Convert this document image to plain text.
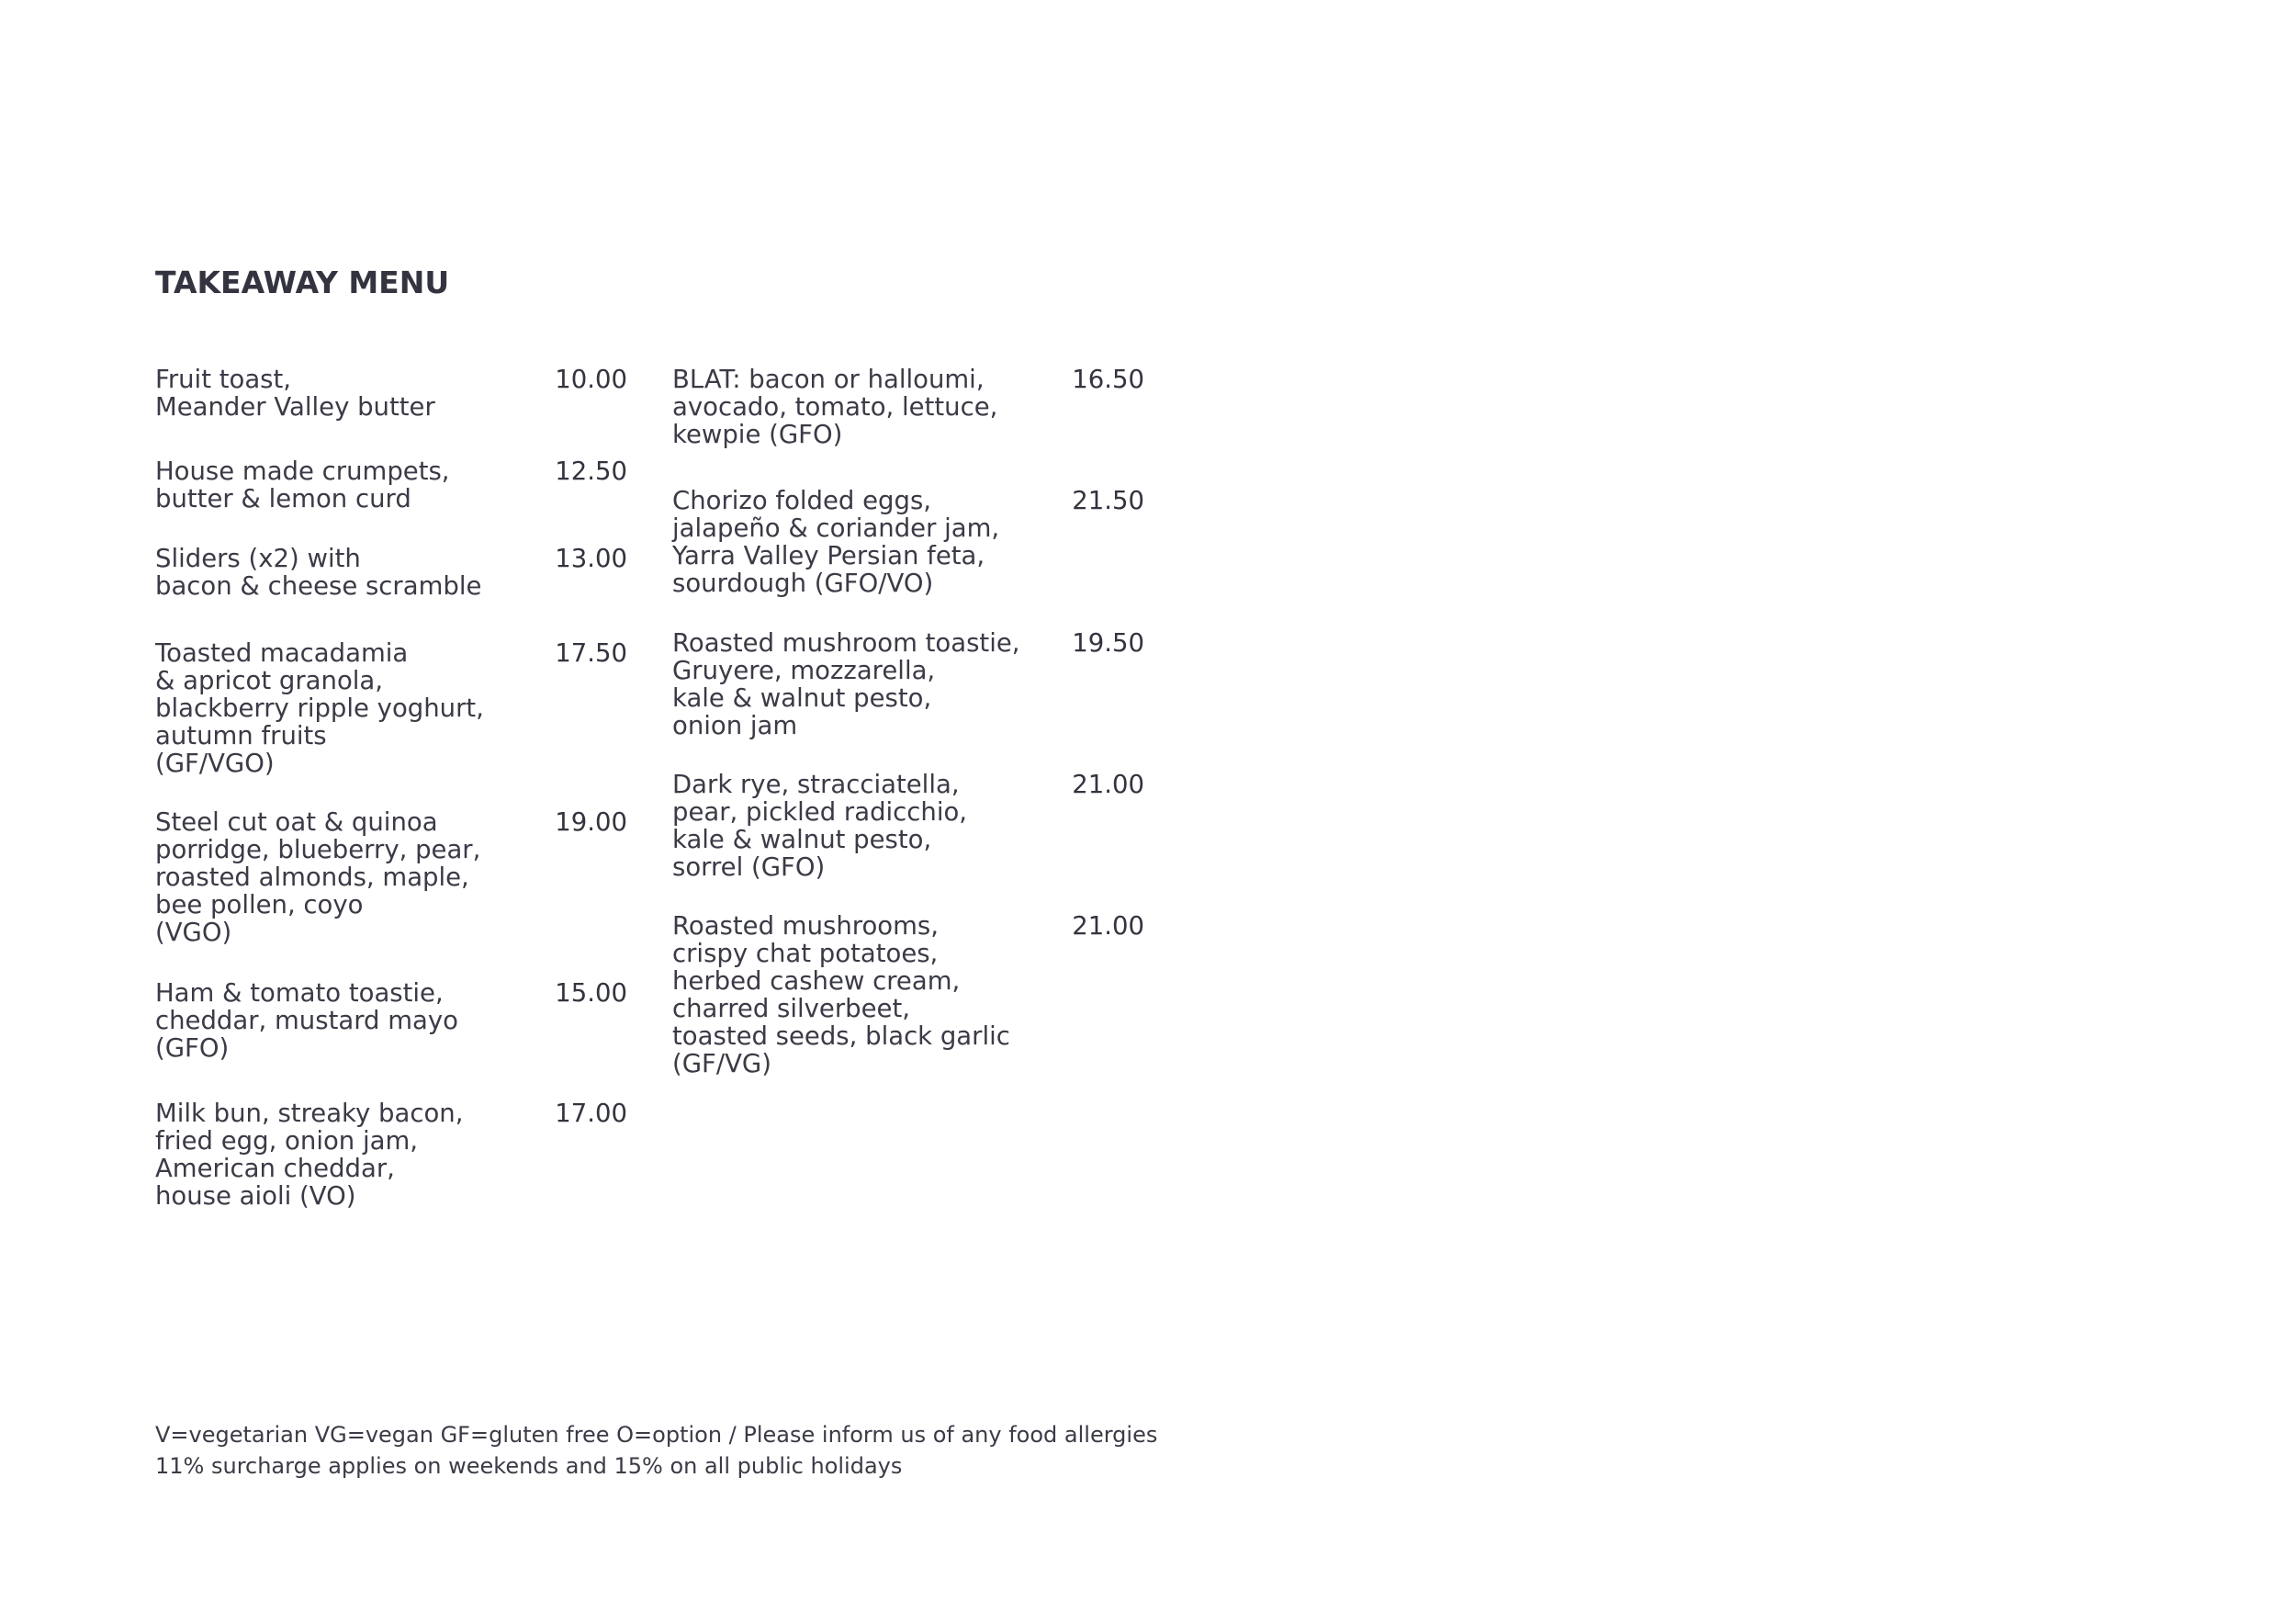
TAKEAWAY MENU
Fruit toast,
Meander Valley butter
10.00
House made crumpets,
butter & lemon curd
12.50
Sliders (x2) with
bacon & cheese scramble
13.00
Toasted macadamia
& apricot granola,
blackberry ripple yoghurt,
autumn fruits
(GF/VGO)
17.50
Steel cut oat & quinoa
porridge, blueberry, pear,
roasted almonds, maple,
bee pollen, coyo
(VGO)
19.00
Ham & tomato toastie,
cheddar, mustard mayo
(GFO)
15.00
Milk bun, streaky bacon,
fried egg, onion jam,
American cheddar,
house aioli (VO)
17.00
BLAT: bacon or halloumi,
avocado, tomato, lettuce,
kewpie (GFO)
16.50
Chorizo folded eggs,
jalapeño & coriander jam,
Yarra Valley Persian feta,
sourdough (GFO/VO)
21.50
Roasted mushroom toastie,
Gruyere, mozzarella,
kale & walnut pesto,
onion jam
19.50
Dark rye, stracciatella,
pear, pickled radicchio,
kale & walnut pesto,
sorrel (GFO)
21.00
Roasted mushrooms,
crispy chat potatoes,
herbed cashew cream,
charred silverbeet,
toasted seeds, black garlic
(GF/VG)
21.00
V=vegetarian VG=vegan GF=gluten free O=option / Please inform us of any food allergies
11% surcharge applies on weekends and 15% on all public holidays
